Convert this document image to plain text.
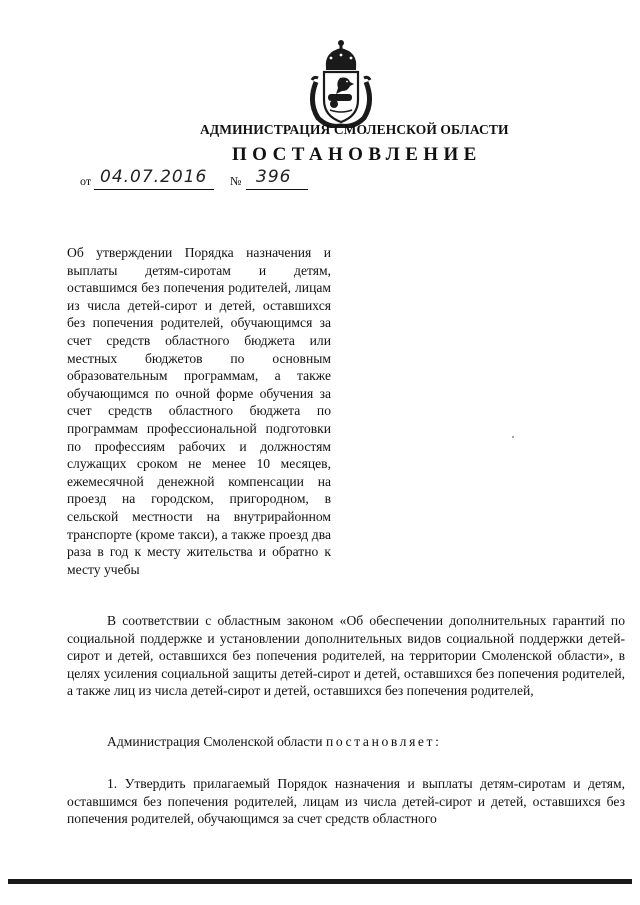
АДМИНИСТРАЦИЯ СМОЛЕНСКОЙ ОБЛАСТИ
ПОСТАНОВЛЕНИЕ
от 04.07.2016 № 396
Об утверждении Порядка назначения и выплаты детям-сиротам и детям, оставшимся без попечения родителей, лицам из числа детей-сирот и детей, оставшихся без попечения родителей, обучающимся за счет средств областного бюджета или местных бюджетов по основным образовательным программам, а также обучающимся по очной форме обучения за счет средств областного бюджета по программам профессиональной подготовки по профессиям рабочих и должностям служащих сроком не менее 10 месяцев, ежемесячной денежной компенсации на проезд на городском, пригородном, в сельской местности на внутрирайонном транспорте (кроме такси), а также проезд два раза в год к месту жительства и обратно к месту учебы
В соответствии с областным законом «Об обеспечении дополнительных гарантий по социальной поддержке и установлении дополнительных видов социальной поддержки детей-сирот и детей, оставшихся без попечения родителей, на территории Смоленской области», в целях усиления социальной защиты детей-сирот и детей, оставшихся без попечения родителей, а также лиц из числа детей-сирот и детей, оставшихся без попечения родителей,
Администрация Смоленской области постановляет:
1. Утвердить прилагаемый Порядок назначения и выплаты детям-сиротам и детям, оставшимся без попечения родителей, лицам из числа детей-сирот и детей, оставшихся без попечения родителей, обучающимся за счет средств областного
